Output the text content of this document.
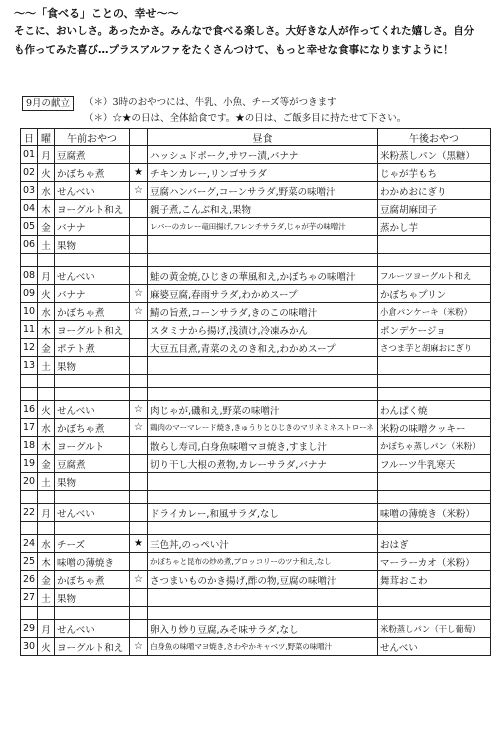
〜〜「食べる」ことの、幸せ〜〜
そこに、おいしさ。あったかさ。みんなで食べる楽しさ。大好きな人が作ってくれた嬉しさ。自分
も作ってみた喜び…プラスアルファをたくさんつけて、もっと幸せな食事になりますように！
9月の献立	（＊）3時のおやつには、牛乳、小魚、チーズ等がつきます
（＊）☆★の日は、全体給食です。★の日は、ご飯多目に持たせて下さい。
日	曜	午前おやつ		昼食	午後おやつ
01	月	豆腐煮		ハッシュドポーク,サワー漬,バナナ	米粉蒸しパン（黒糖）
02	火	かぼちゃ煮	★	チキンカレー,リンゴサラダ	じゃが芋もち
03	水	せんべい	☆	豆腐ハンバーグ,コーンサラダ,野菜の味噌汁	わかめおにぎり
04	木	ヨーグルト和え		親子煮,こんぶ和え,果物	豆腐胡麻団子
05	金	バナナ		レバーのカレー竜田揚げ,フレンチサラダ,じゃが芋の味噌汁	蒸かし芋
06	土	果物			

08	月	せんべい		鮭の黄金焼,ひじきの華風和え,かぼちゃの味噌汁	フルーツヨーグルト和え
09	火	バナナ	☆	麻婆豆腐,春雨サラダ,わかめスープ	かぼちゃプリン
10	水	かぼちゃ煮	☆	鯖の旨煮,コーンサラダ,きのこの味噌汁	小倉パンケーキ（米粉）
11	木	ヨーグルト和え		スタミナから揚げ,浅漬け,冷凍みかん	ポンデケージョ
12	金	ポテト煮		大豆五目煮,青菜のえのき和え,わかめスープ	さつま芋と胡麻おにぎり
13	土	果物			

16	火	せんべい	☆	肉じゃが,磯和え,野菜の味噌汁	わんぱく焼
17	水	かぼちゃ煮	☆	鶏肉のマーマレード焼き,きゅうりとひじきのマリネミネストローネ	米粉の味噌クッキー
18	木	ヨーグルト		散らし寿司,白身魚味噌マヨ焼き,すまし汁	かぼちゃ蒸しパン（米粉）
19	金	豆腐煮		切り干し大根の煮物,カレーサラダ,バナナ	フルーツ牛乳寒天
20	土	果物			

22	月	せんべい		ドライカレー,和風サラダ,なし	味噌の薄焼き（米粉）

24	水	チーズ	★	三色丼,のっぺい汁	おはぎ
25	木	味噌の薄焼き		かぼちゃと昆布の炒め煮,ブロッコリーのツナ和え,なし	マーラーカオ（米粉）
26	金	かぼちゃ煮	☆	さつまいものかき揚げ,酢の物,豆腐の味噌汁	舞茸おこわ
27	土	果物			

29	月	せんべい		卵入り炒り豆腐,みそ味サラダ,なし	米粉蒸しパン（干し葡萄）
30	火	ヨーグルト和え	☆	白身魚の味噌マヨ焼き,さわやかキャベツ,野菜の味噌汁	せんべい
